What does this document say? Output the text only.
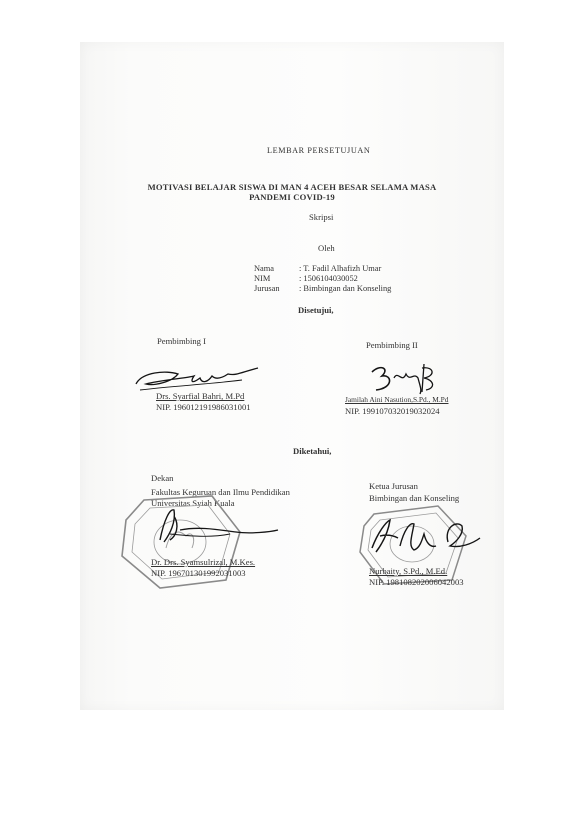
LEMBAR PERSETUJUAN
MOTIVASI BELAJAR SISWA DI MAN 4 ACEH BESAR SELAMA MASA
PANDEMI COVID-19
Skripsi
Oleh
Nama	: T. Fadil Alhafizh Umar
NIM	: 1506104030052
Jurusan : Bimbingan dan Konseling
Disetujui,
Pembimbing I
Drs. Syarfial Bahri, M.Pd
NIP. 196012191986031001
Pembimbing II
Jamilah Aini Nasution,S.Pd., M.Pd
NIP. 199107032019032024
Diketahui,
Dekan
Fakultas Keguruan dan Ilmu Pendidikan
Universitas Syiah Kuala
Dr. Drs. Syamsulrizal, M.Kes.
NIP. 196701301992031003
Ketua Jurusan
Bimbingan dan Konseling
Nurbaity, S.Pd., M.Ed.
NIP. 198108202006042003
